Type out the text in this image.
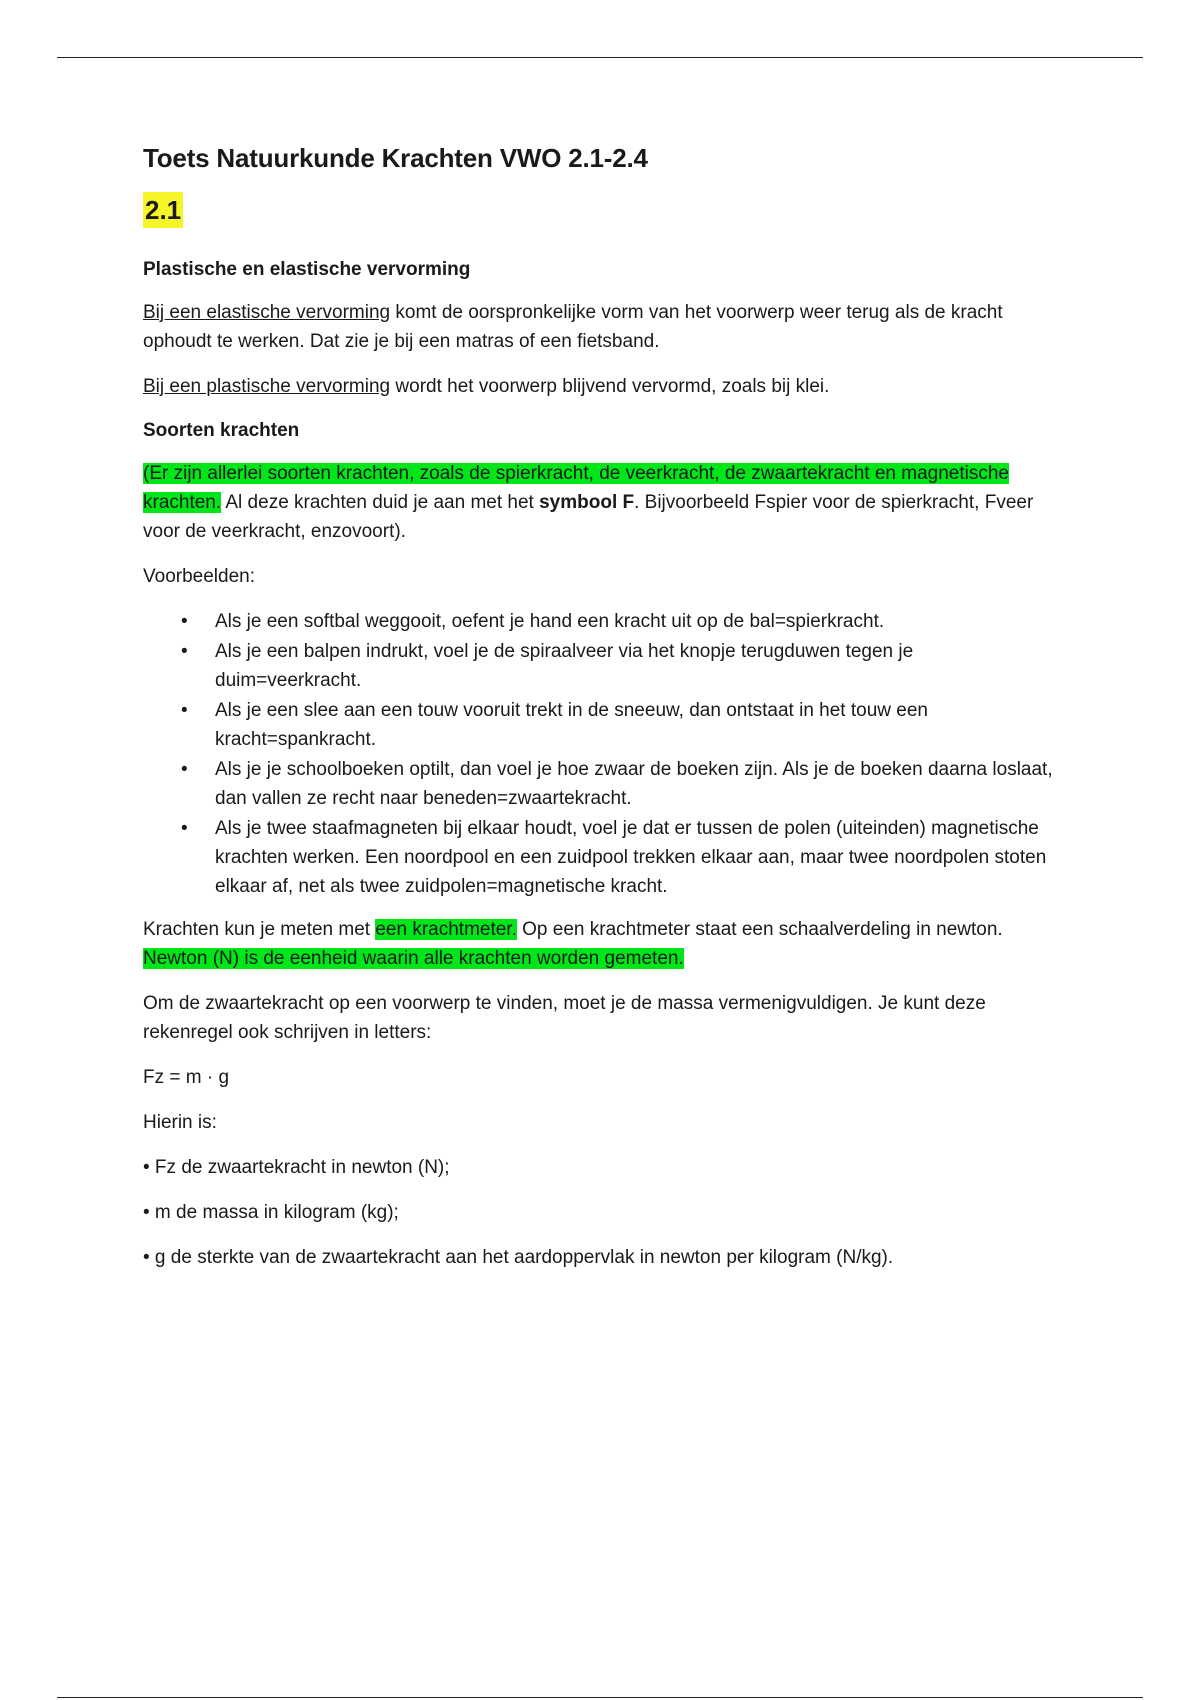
Toets Natuurkunde Krachten VWO 2.1-2.4
2.1
Plastische en elastische vervorming

Bij een elastische vervorming komt de oorspronkelijke vorm van het voorwerp weer terug als de kracht ophoudt te werken. Dat zie je bij een matras of een fietsband.

Bij een plastische vervorming wordt het voorwerp blijvend vervormd, zoals bij klei.

Soorten krachten

(Er zijn allerlei soorten krachten, zoals de spierkracht, de veerkracht, de zwaartekracht en magnetische krachten. Al deze krachten duid je aan met het symbool F. Bijvoorbeeld Fspier voor de spierkracht, Fveer voor de veerkracht, enzovoort).

Voorbeelden:

• Als je een softbal weggooit, oefent je hand een kracht uit op de bal=spierkracht.
• Als je een balpen indrukt, voel je de spiraalveer via het knopje terugduwen tegen je duim=veerkracht.
• Als je een slee aan een touw vooruit trekt in de sneeuw, dan ontstaat in het touw een kracht=spankracht.
• Als je je schoolboeken optilt, dan voel je hoe zwaar de boeken zijn. Als je de boeken daarna loslaat, dan vallen ze recht naar beneden=zwaartekracht.
• Als je twee staafmagneten bij elkaar houdt, voel je dat er tussen de polen (uiteinden) magnetische krachten werken. Een noordpool en een zuidpool trekken elkaar aan, maar twee noordpolen stoten elkaar af, net als twee zuidpolen=magnetische kracht.

Krachten kun je meten met een krachtmeter. Op een krachtmeter staat een schaalverdeling in newton. Newton (N) is de eenheid waarin alle krachten worden gemeten.

Om de zwaartekracht op een voorwerp te vinden, moet je de massa vermenigvuldigen. Je kunt deze rekenregel ook schrijven in letters:

Fz = m · g

Hierin is:

• Fz de zwaartekracht in newton (N);

• m de massa in kilogram (kg);

• g de sterkte van de zwaartekracht aan het aardoppervlak in newton per kilogram (N/kg).
